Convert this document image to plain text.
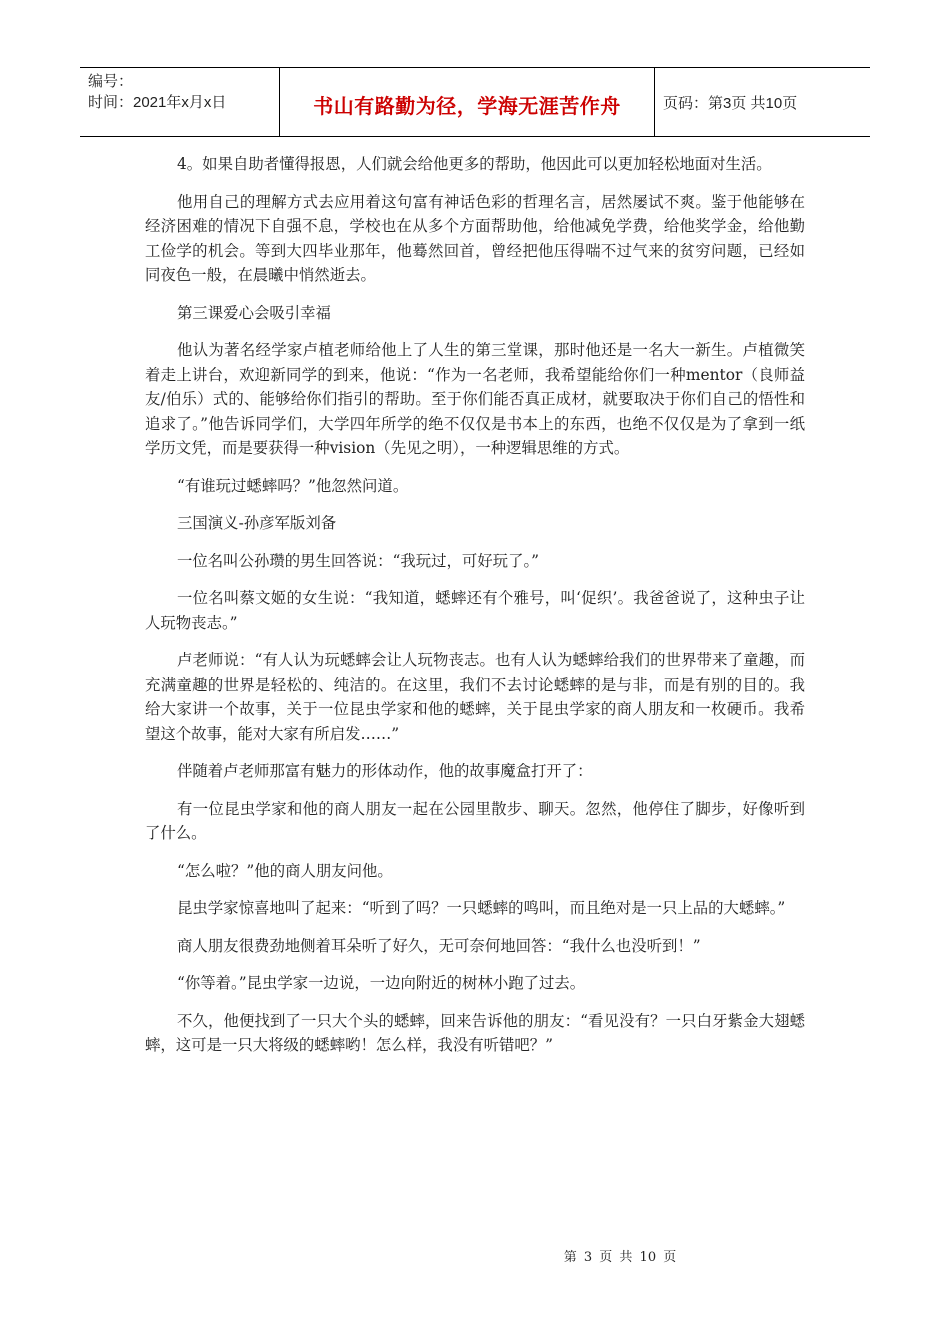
编号：
时间：2021年x月x日	书山有路勤为径，学海无涯苦作舟	页码：第3页 共10页

4。如果自助者懂得报恩，人们就会给他更多的帮助，他因此可以更加轻松地面对生活。

他用自己的理解方式去应用着这句富有神话色彩的哲理名言，居然屡试不爽。鉴于他能够在经济困难的情况下自强不息，学校也在从多个方面帮助他，给他减免学费，给他奖学金，给他勤工俭学的机会。等到大四毕业那年，他蓦然回首，曾经把他压得喘不过气来的贫穷问题，已经如同夜色一般，在晨曦中悄然逝去。

第三课爱心会吸引幸福

他认为著名经学家卢植老师给他上了人生的第三堂课，那时他还是一名大一新生。卢植微笑着走上讲台，欢迎新同学的到来，他说：“作为一名老师，我希望能给你们一种mentor（良师益友/伯乐）式的、能够给你们指引的帮助。至于你们能否真正成材，就要取决于你们自己的悟性和追求了。”他告诉同学们，大学四年所学的绝不仅仅是书本上的东西，也绝不仅仅是为了拿到一纸学历文凭，而是要获得一种vision（先见之明），一种逻辑思维的方式。

“有谁玩过蟋蟀吗？”他忽然问道。

三国演义-孙彦军版刘备

一位名叫公孙瓒的男生回答说：“我玩过，可好玩了。”

一位名叫蔡文姬的女生说：“我知道，蟋蟀还有个雅号，叫‘促织’。我爸爸说了，这种虫子让人玩物丧志。”

卢老师说：“有人认为玩蟋蟀会让人玩物丧志。也有人认为蟋蟀给我们的世界带来了童趣，而充满童趣的世界是轻松的、纯洁的。在这里，我们不去讨论蟋蟀的是与非，而是有别的目的。我给大家讲一个故事，关于一位昆虫学家和他的蟋蟀，关于昆虫学家的商人朋友和一枚硬币。我希望这个故事，能对大家有所启发……”

伴随着卢老师那富有魅力的形体动作，他的故事魔盒打开了：

有一位昆虫学家和他的商人朋友一起在公园里散步、聊天。忽然，他停住了脚步，好像听到了什么。

“怎么啦？”他的商人朋友问他。

昆虫学家惊喜地叫了起来：“听到了吗？一只蟋蟀的鸣叫，而且绝对是一只上品的大蟋蟀。”

商人朋友很费劲地侧着耳朵听了好久，无可奈何地回答：“我什么也没听到！”

“你等着。”昆虫学家一边说，一边向附近的树林小跑了过去。

不久，他便找到了一只大个头的蟋蟀，回来告诉他的朋友：“看见没有？一只白牙紫金大翅蟋蟀，这可是一只大将级的蟋蟀哟！怎么样，我没有听错吧？”

第 3 页 共 10 页
